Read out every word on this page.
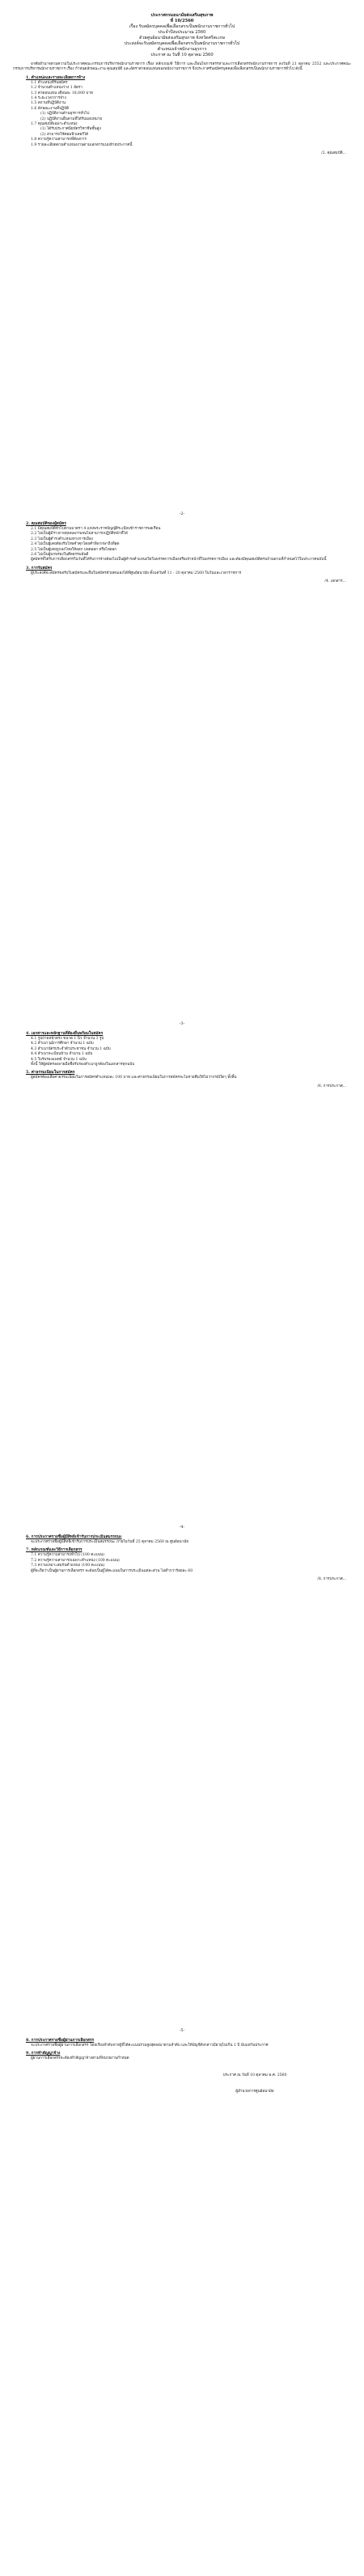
ประกาศกรมอนามัยส่งเสริมสุขภาพ

ที่ 10/2560

เรื่อง รับสมัครบุคคลเพื่อเลือกสรรเป็นพนักงานราชการทั่วไป

ประจำปีงบประมาณ 2560

ด้วยศูนย์อนามัยส่งเสริมสุขภาพ จังหวัดศรีสะเกษ

ประสงค์จะรับสมัครบุคคลเพื่อเลือกสรรเป็นพนักงานราชการทั่วไป

ตำแหน่งเจ้าพนักงานธุรการ

ประกาศ ณ วันที่ 10 ตุลาคม 2560

อาศัยอำนาจตามความในประกาศคณะกรรมการบริหารพนักงานราชการ เรื่อง หลักเกณฑ์ วิธีการ และเงื่อนไขการสรรหาและการเลือกสรรพนักงานราชการ ลงวันที่ 21 ตุลาคม 2552 และประกาศคณะกรรมการบริหารพนักงานราชการ เรื่อง กำหนดลักษณะงาน คุณสมบัติ และอัตราค่าตอบแทนของพนักงานราชการ จึงประกาศรับสมัครบุคคลเพื่อเลือกสรรเป็นพนักงานราชการทั่วไป ดังนี้

1. ตำแหน่งและรายละเอียดการจ้าง

1.1 ตำแหน่งที่รับสมัคร

1.2 จำนวนตำแหน่งว่าง 1 อัตรา

1.3 ค่าตอบแทน เดือนละ 18,000 บาท

1.4 ระยะเวลาการจ้าง

1.5 สถานที่ปฏิบัติงาน

1.6 ลักษณะงานที่ปฏิบัติ

(1) ปฏิบัติงานด้านธุรการทั่วไป

(2) ปฏิบัติงานอื่นตามที่ได้รับมอบหมาย

1.7 คุณสมบัติเฉพาะตำแหน่ง

(1) ได้รับประกาศนียบัตรวิชาชีพชั้นสูง

(2) สามารถใช้คอมพิวเตอร์ได้

1.8 ความรู้ความสามารถที่ต้องการ

1.9 รายละเอียดตามตำแหน่งงานตามเอกสารแนบท้ายประกาศนี้

/2. คุณสมบัติ...

-2-

2. คุณสมบัติของผู้สมัคร

2.1 มีคุณสมบัติทั่วไปตามมาตรา 4 แห่งพระราชบัญญัติระเบียบข้าราชการพลเรือน

2.2 ไม่เป็นผู้มีร่างกายทุพพลภาพจนไม่สามารถปฏิบัติหน้าที่ได้

2.3 ไม่เป็นผู้ดำรงตำแหน่งทางการเมือง

2.4 ไม่เป็นผู้เคยต้องรับโทษจำคุกโดยคำพิพากษาถึงที่สุด

2.5 ไม่เป็นผู้เคยถูกลงโทษให้ออก ปลดออก หรือไล่ออก

2.6 ไม่เป็นผู้บกพร่องในศีลธรรมอันดี

ผู้สมัครที่ได้รับการเลือกสรรในวันที่ได้รับการจ้างต้องไม่เป็นผู้ดำรงตำแหน่งใดในพรรคการเมืองหรือเจ้าหน้าที่ในพรรคการเมือง และต้องมีคุณสมบัติครบถ้วนตามที่กำหนดไว้ในประกาศฉบับนี้

3. การรับสมัคร

ผู้ประสงค์จะสมัครขอรับใบสมัครและยื่นใบสมัครด้วยตนเองได้ที่ศูนย์อนามัย ตั้งแต่วันที่ 11 - 20 ตุลาคม 2560 ในวันและเวลาราชการ

/4. เอกสาร...

-3-

4. เอกสารและหลักฐานที่ต้องยื่นพร้อมใบสมัคร

4.1 รูปถ่ายหน้าตรง ขนาด 1 นิ้ว จำนวน 3 รูป

4.2 สำเนาวุฒิการศึกษา จำนวน 1 ฉบับ

4.3 สำเนาบัตรประจำตัวประชาชน จำนวน 1 ฉบับ

4.4 สำเนาทะเบียนบ้าน จำนวน 1 ฉบับ

4.5 ใบรับรองแพทย์ จำนวน 1 ฉบับ

ทั้งนี้ ให้ผู้สมัครลงลายมือชื่อรับรองสำเนาถูกต้องในเอกสารทุกฉบับ

5. ค่าธรรมเนียมในการสมัคร

ผู้สมัครต้องเสียค่าธรรมเนียมในการสมัครตำแหน่งละ 100 บาท และค่าธรรมเนียมในการสมัครจะไม่จ่ายคืนให้ไม่ว่ากรณีใดๆ ทั้งสิ้น

/6. การประกาศ...

-4-

6. การประกาศรายชื่อผู้มีสิทธิเข้ารับการประเมินสมรรถนะ

จะประกาศรายชื่อผู้มีสิทธิเข้ารับการประเมินสมรรถนะ ภายในวันที่ 25 ตุลาคม 2560 ณ ศูนย์อนามัย

7. หลักเกณฑ์และวิธีการเลือกสรร

7.1 ความรู้ความสามารถทั่วไป (100 คะแนน)

7.2 ความรู้ความสามารถเฉพาะตำแหน่ง (100 คะแนน)

7.3 ความเหมาะสมกับตำแหน่ง (100 คะแนน)

ผู้ที่จะถือว่าเป็นผู้ผ่านการเลือกสรร จะต้องเป็นผู้ได้คะแนนในการประเมินแต่ละส่วน ไม่ต่ำกว่าร้อยละ 60

/8. การประกาศ...

-5-

8. การประกาศรายชื่อผู้ผ่านการเลือกสรร

จะประกาศรายชื่อผู้ผ่านการเลือกสรร โดยเรียงลำดับจากผู้ที่ได้คะแนนรวมสูงสุดลงมาตามลำดับ และให้บัญชีดังกล่าวมีอายุไม่เกิน 1 ปี นับแต่วันประกาศ

9. การทำสัญญาจ้าง

ผู้ผ่านการเลือกสรรจะต้องทำสัญญาจ้างตามที่หน่วยงานกำหนด

ประกาศ ณ วันที่ 10 ตุลาคม พ.ศ. 2560

ผู้อำนวยการศูนย์อนามัย
